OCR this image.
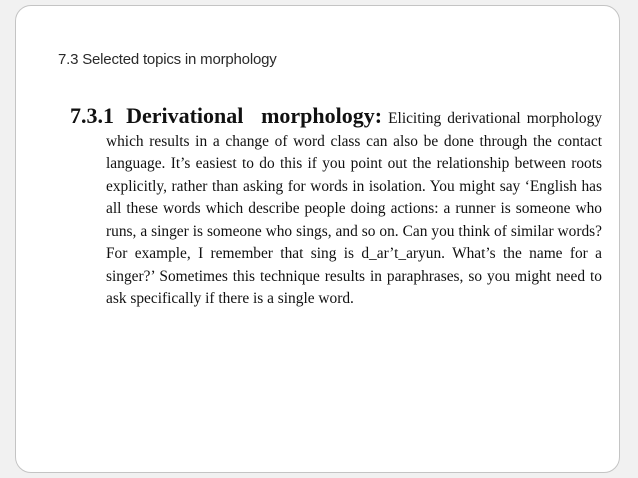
7.3 Selected topics in morphology

7.3.1 Derivational morphology: Eliciting derivational morphology which results in a change of word class can also be done through the contact language. It’s easiest to do this if you point out the relationship between roots explicitly, rather than asking for words in isolation. You might say ‘English has all these words which describe people doing actions: a runner is someone who runs, a singer is someone who sings, and so on. Can you think of similar words? For example, I remember that sing is d_ar’t_aryun. What’s the name for a singer?’ Sometimes this technique results in paraphrases, so you might need to ask specifically if there is a single word.
